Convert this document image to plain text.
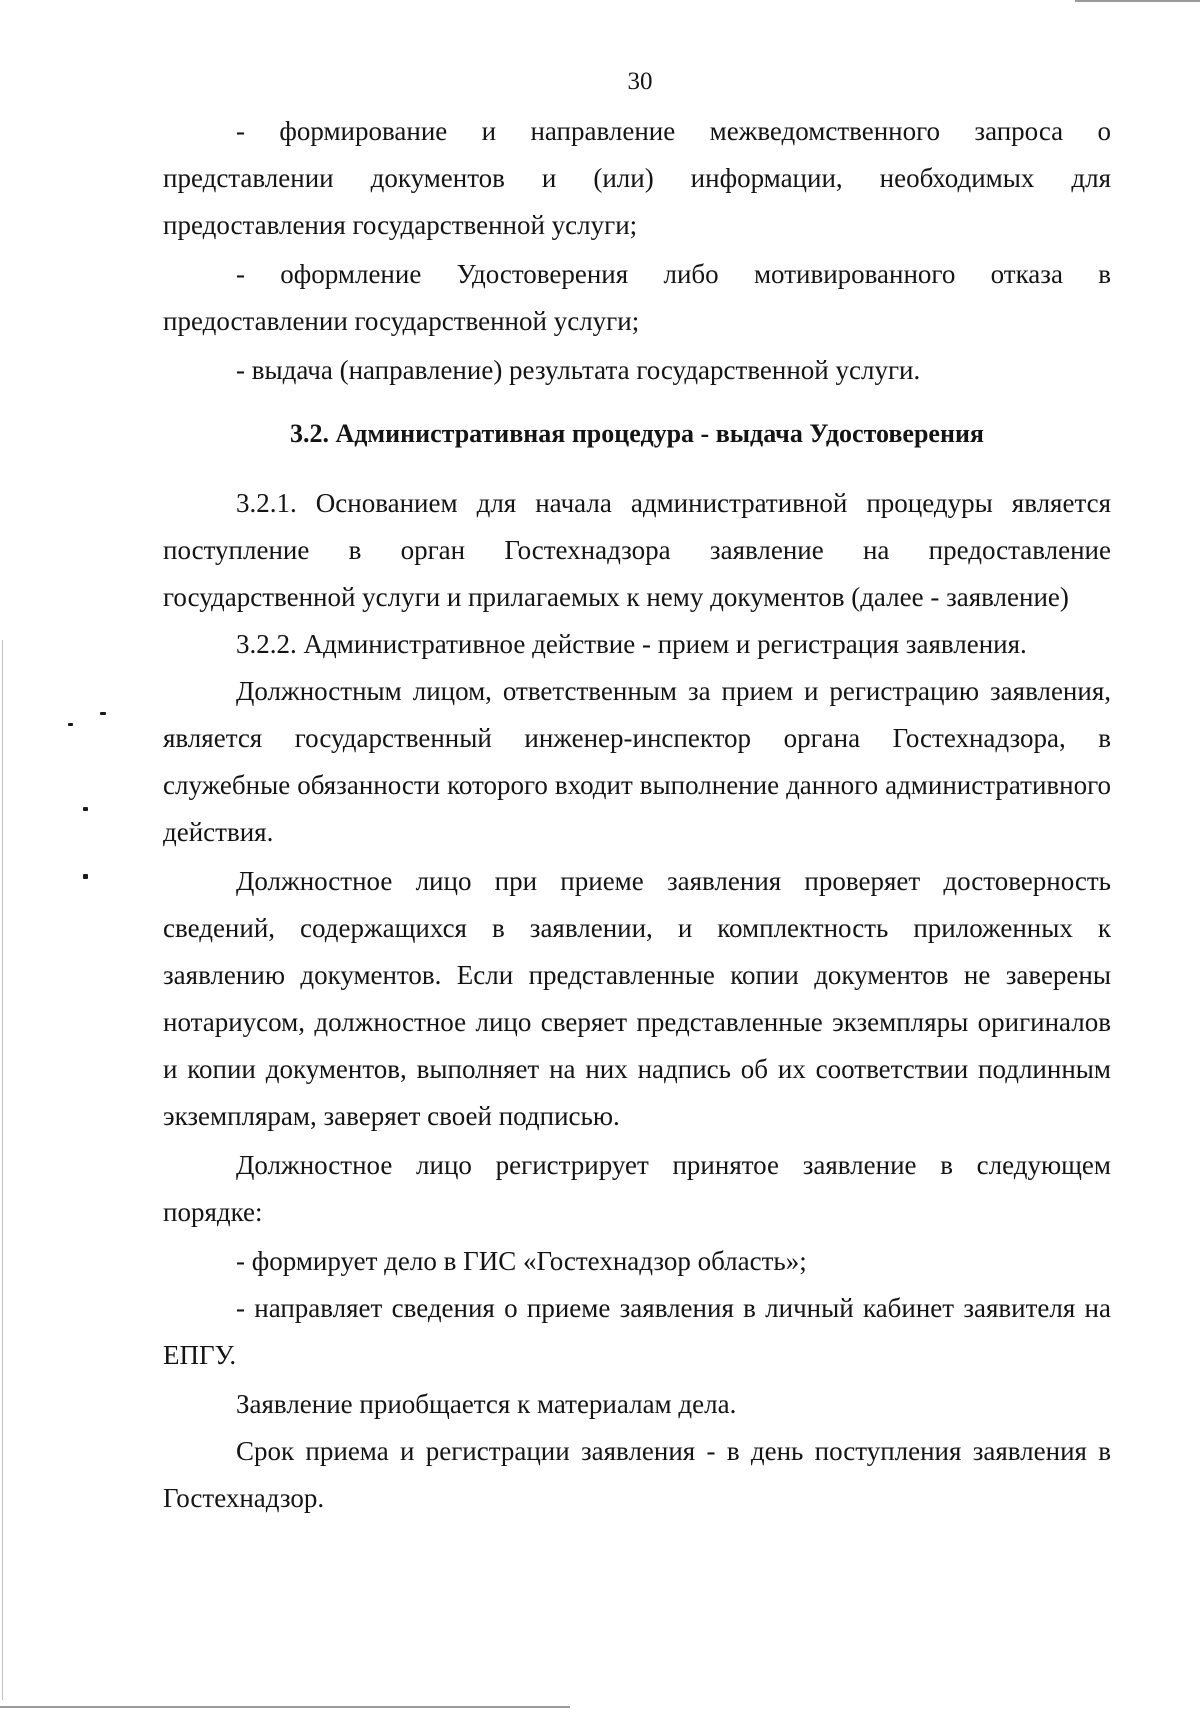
30

- формирование и направление межведомственного запроса о представлении документов и (или) информации, необходимых для предоставления государственной услуги;

- оформление Удостоверения либо мотивированного отказа в предоставлении государственной услуги;

- выдача (направление) результата государственной услуги.

3.2. Административная процедура - выдача Удостоверения

3.2.1. Основанием для начала административной процедуры является поступление в орган Гостехнадзора заявление на предоставление государственной услуги и прилагаемых к нему документов (далее - заявление)

3.2.2. Административное действие - прием и регистрация заявления.

Должностным лицом, ответственным за прием и регистрацию заявления, является государственный инженер-инспектор органа Гостехнадзора, в служебные обязанности которого входит выполнение данного административного действия.

Должностное лицо при приеме заявления проверяет достоверность сведений, содержащихся в заявлении, и комплектность приложенных к заявлению документов. Если представленные копии документов не заверены нотариусом, должностное лицо сверяет представленные экземпляры оригиналов и копии документов, выполняет на них надпись об их соответствии подлинным экземплярам, заверяет своей подписью.

Должностное лицо регистрирует принятое заявление в следующем порядке:

- формирует дело в ГИС «Гостехнадзор область»;

- направляет сведения о приеме заявления в личный кабинет заявителя на ЕПГУ.

Заявление приобщается к материалам дела.

Срок приема и регистрации заявления - в день поступления заявления в Гостехнадзор.
